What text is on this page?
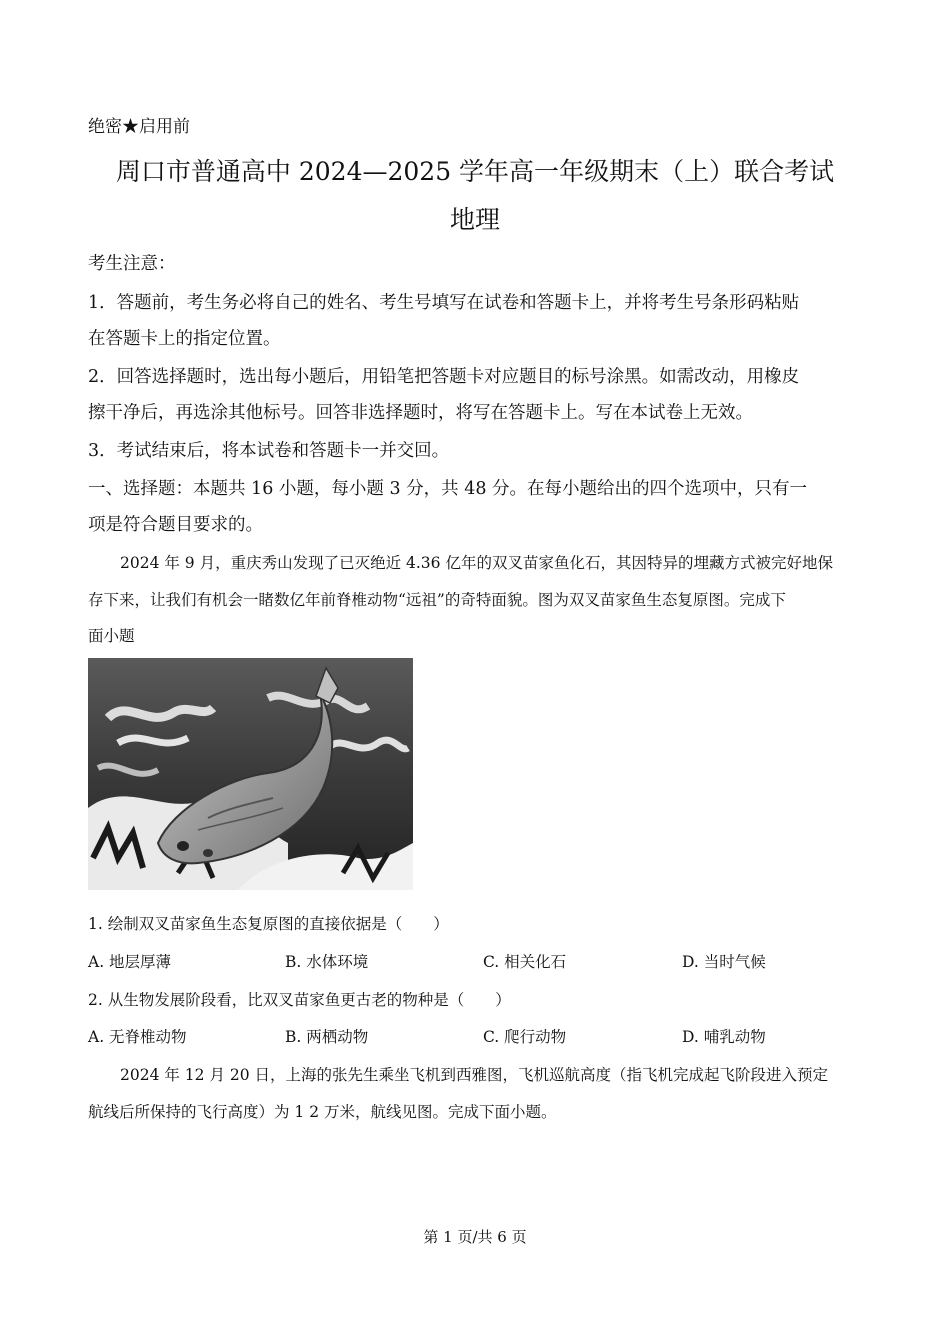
绝密★启用前
周口市普通高中 2024—2025 学年高一年级期末（上）联合考试
地理
考生注意：
1．答题前，考生务必将自己的姓名、考生号填写在试卷和答题卡上，并将考生号条形码粘贴
在答题卡上的指定位置。
2．回答选择题时，选出每小题后，用铅笔把答题卡对应题目的标号涂黑。如需改动，用橡皮
擦干净后，再选涂其他标号。回答非选择题时，将写在答题卡上。写在本试卷上无效。
3．考试结束后，将本试卷和答题卡一并交回。
一、选择题：本题共 16 小题，每小题 3 分，共 48 分。在每小题给出的四个选项中，只有一
项是符合题目要求的。
2024 年 9 月，重庆秀山发现了已灭绝近 4.36 亿年的双叉苗家鱼化石，其因特异的埋藏方式被完好地保
存下来，让我们有机会一睹数亿年前脊椎动物“远祖”的奇特面貌。图为双叉苗家鱼生态复原图。完成下
面小题
1. 绘制双叉苗家鱼生态复原图的直接依据是（　　）
A. 地层厚薄	B. 水体环境	C. 相关化石	D. 当时气候
2. 从生物发展阶段看，比双叉苗家鱼更古老的物种是（　　）
A. 无脊椎动物	B. 两栖动物	C. 爬行动物	D. 哺乳动物
2024 年 12 月 20 日，上海的张先生乘坐飞机到西雅图，飞机巡航高度（指飞机完成起飞阶段进入预定
航线后所保持的飞行高度）为 1 2 万米，航线见图。完成下面小题。
第 1 页/共 6 页
